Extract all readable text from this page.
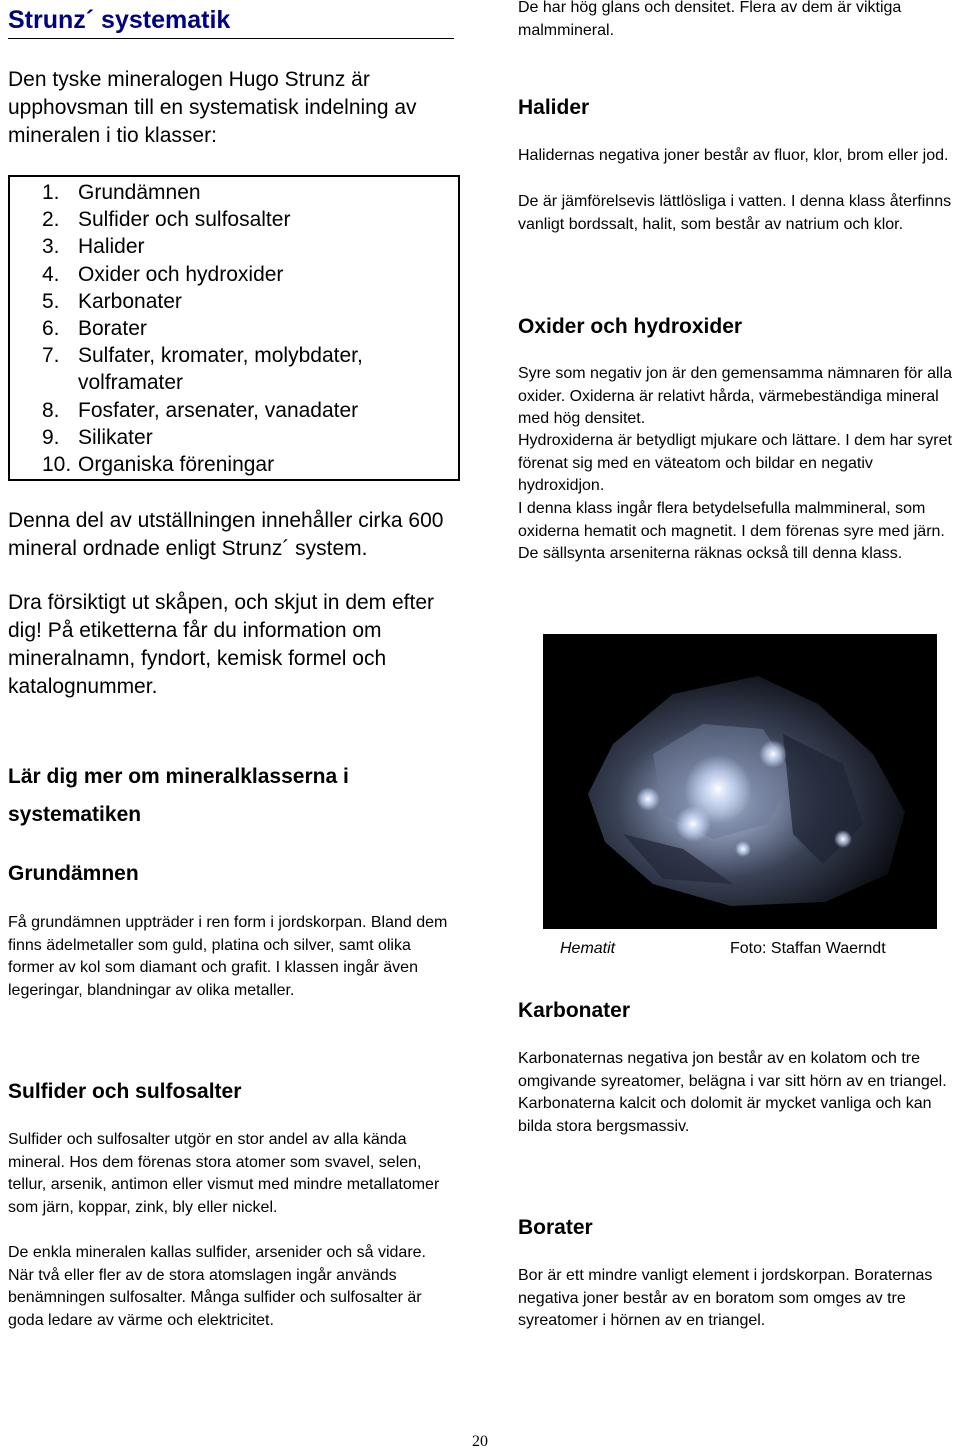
Strunz´ systematik
Den tyske mineralogen Hugo Strunz är upphovsman till en systematisk indelning av mineralen i tio klasser:
1. Grundämnen
2. Sulfider och sulfosalter
3. Halider
4. Oxider och hydroxider
5. Karbonater
6. Borater
7. Sulfater, kromater, molybdater, volframater
8. Fosfater, arsenater, vanadater
9. Silikater
10. Organiska föreningar
Denna del av utställningen innehåller cirka 600 mineral ordnade enligt Strunz´ system.
Dra försiktigt ut skåpen, och skjut in dem efter dig! På etiketterna får du information om mineralnamn, fyndort, kemisk formel och katalognummer.
Lär dig mer om mineralklasserna i systematiken
Grundämnen
Få grundämnen uppträder i ren form i jordskorpan. Bland dem finns ädelmetaller som guld, platina och silver, samt olika former av kol som diamant och grafit. I klassen ingår även legeringar, blandningar av olika metaller.
Sulfider och sulfosalter
Sulfider och sulfosalter utgör en stor andel av alla kända mineral. Hos dem förenas stora atomer som svavel, selen, tellur, arsenik, antimon eller vismut med mindre metallatomer som järn, koppar, zink, bly eller nickel.
De enkla mineralen kallas sulfider, arsenider och så vidare. När två eller fler av de stora atomslagen ingår används benämningen sulfosalter. Många sulfider och sulfosalter är goda ledare av värme och elektricitet.
De har hög glans och densitet. Flera av dem är viktiga malmmineral.
Halider
Halidernas negativa joner består av fluor, klor, brom eller jod.
De är jämförelsevis lättlösliga i vatten. I denna klass återfinns vanligt bordssalt, halit, som består av natrium och klor.
Oxider och hydroxider
Syre som negativ jon är den gemensamma nämnaren för alla oxider. Oxiderna är relativt hårda, värmebeständiga mineral med hög densitet.
Hydroxiderna är betydligt mjukare och lättare. I dem har syret förenat sig med en väteatom och bildar en negativ hydroxidjon.
I denna klass ingår flera betydelsefulla malmmineral, som oxiderna hematit och magnetit. I dem förenas syre med järn. De sällsynta arseniterna räknas också till denna klass.
Hematit	Foto: Staffan Waerndt
Karbonater
Karbonaternas negativa jon består av en kolatom och tre omgivande syreatomer, belägna i var sitt hörn av en triangel. Karbonaterna kalcit och dolomit är mycket vanliga och kan bilda stora bergsmassiv.
Borater
Bor är ett mindre vanligt element i jordskorpan. Boraternas negativa joner består av en boratom som omges av tre syreatomer i hörnen av en triangel.
20
